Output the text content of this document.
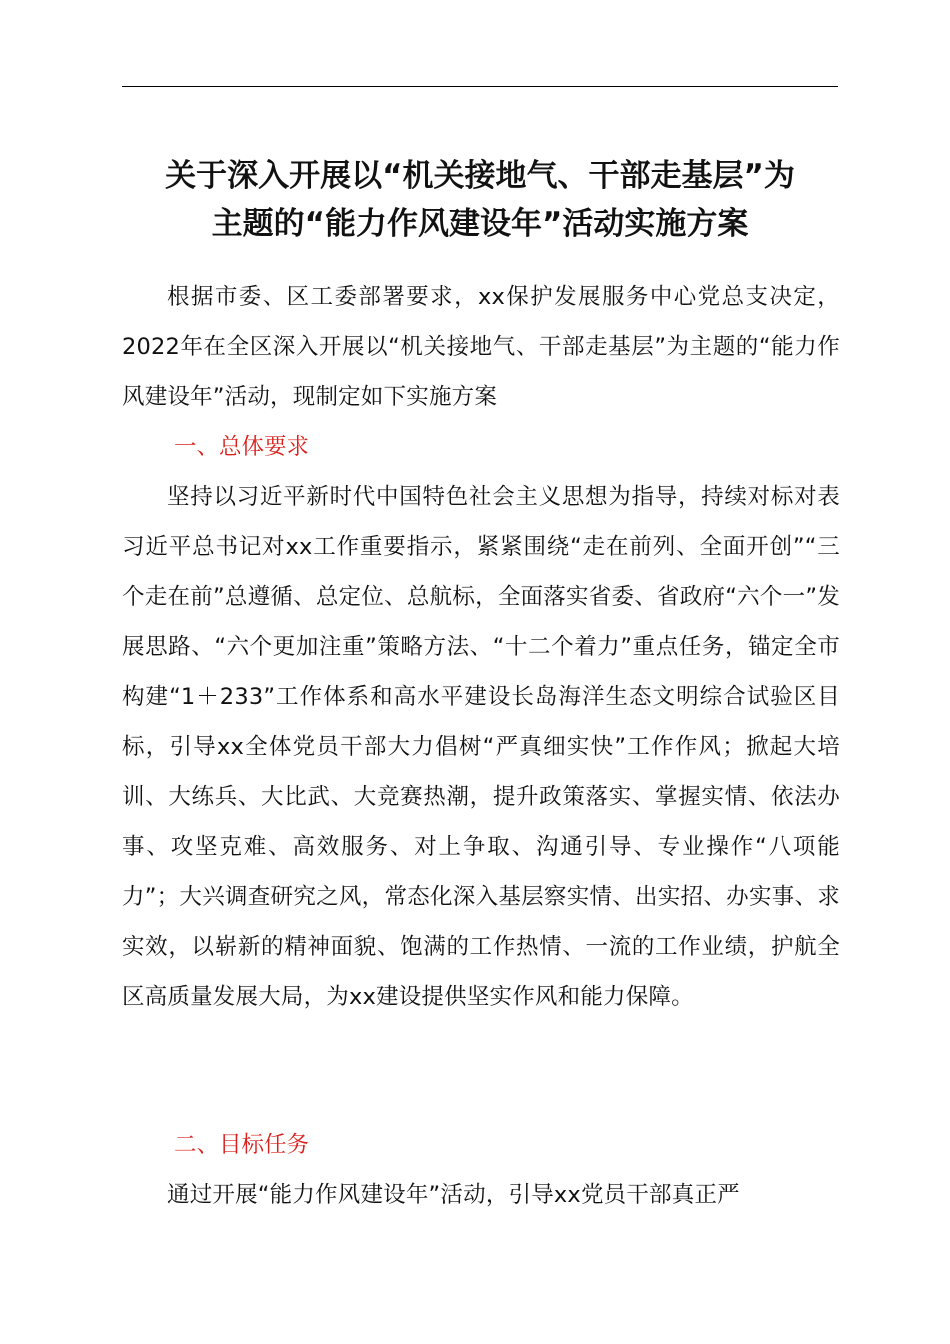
关于深入开展以“机关接地气、干部走基层”为
主题的“能力作风建设年”活动实施方案

根据市委、区工委部署要求，xx保护发展服务中心党总支决定，2022年在全区深入开展以“机关接地气、干部走基层”为主题的“能力作风建设年”活动，现制定如下实施方案

一、总体要求

坚持以习近平新时代中国特色社会主义思想为指导，持续对标对表习近平总书记对xx工作重要指示，紧紧围绕“走在前列、全面开创”“三个走在前”总遵循、总定位、总航标，全面落实省委、省政府“六个一”发展思路、“六个更加注重”策略方法、“十二个着力”重点任务，锚定全市构建“1＋233”工作体系和高水平建设长岛海洋生态文明综合试验区目标，引导xx全体党员干部大力倡树“严真细实快”工作作风；掀起大培训、大练兵、大比武、大竞赛热潮，提升政策落实、掌握实情、依法办事、攻坚克难、高效服务、对上争取、沟通引导、专业操作“八项能力”；大兴调查研究之风，常态化深入基层察实情、出实招、办实事、求实效，以崭新的精神面貌、饱满的工作热情、一流的工作业绩，护航全区高质量发展大局，为xx建设提供坚实作风和能力保障。

二、目标任务

通过开展“能力作风建设年”活动，引导xx党员干部真正严
